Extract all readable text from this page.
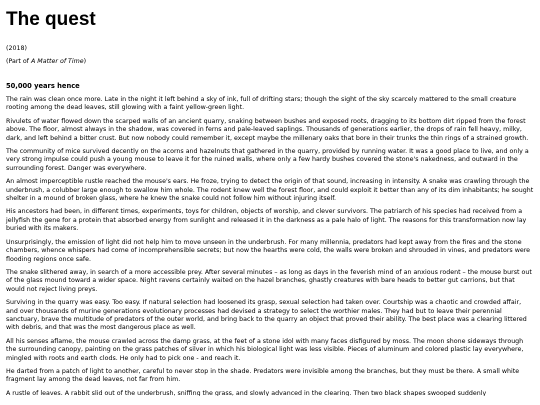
The quest

(2018)

(Part of A Matter of Time)

50,000 years hence

The rain was clean once more. Late in the night it left behind a sky of ink, full of drifting stars; though the sight of the sky scarcely mattered to the small creature rooting among the dead leaves, still glowing with a faint yellow-green light.

Rivulets of water flowed down the scarped walls of an ancient quarry, snaking between bushes and exposed roots, dragging to its bottom dirt ripped from the forest above. The floor, almost always in the shadow, was covered in ferns and pale-leaved saplings. Thousands of generations earlier, the drops of rain fell heavy, milky, dark, and left behind a bitter crust. But now nobody could remember it, except maybe the millenary oaks that bore in their trunks the thin rings of a strained growth.

The community of mice survived decently on the acorns and hazelnuts that gathered in the quarry, provided by running water. It was a good place to live, and only a very strong impulse could push a young mouse to leave it for the ruined walls, where only a few hardy bushes covered the stone's nakedness, and outward in the surrounding forest. Danger was everywhere.

An almost imperceptible rustle reached the mouse's ears. He froze, trying to detect the origin of that sound, increasing in intensity. A snake was crawling through the underbrush, a colubber large enough to swallow him whole. The rodent knew well the forest floor, and could exploit it better than any of its dim inhabitants; he sought shelter in a mound of broken glass, where he knew the snake could not follow him without injuring itself.

His ancestors had been, in different times, experiments, toys for children, objects of worship, and clever survivors. The patriarch of his species had received from a jellyfish the gene for a protein that absorbed energy from sunlight and released it in the darkness as a pale halo of light. The reasons for this transformation now lay buried with its makers.

Unsurprisingly, the emission of light did not help him to move unseen in the underbrush. For many millennia, predators had kept away from the fires and the stone chambers, whence whispers had come of incomprehensible secrets; but now the hearths were cold, the walls were broken and shrouded in vines, and predators were flooding regions once safe.

The snake slithered away, in search of a more accessible prey. After several minutes – as long as days in the feverish mind of an anxious rodent – the mouse burst out of the glass mound toward a wider space. Night ravens certainly waited on the hazel branches, ghastly creatures with bare heads to better gut carrions, but that would not reject living preys.

Surviving in the quarry was easy. Too easy. If natural selection had loosened its grasp, sexual selection had taken over. Courtship was a chaotic and crowded affair, and over thousands of murine generations evolutionary processes had devised a strategy to select the worthier males. They had but to leave their perennial sanctuary, brave the multitude of predators of the outer world, and bring back to the quarry an object that proved their ability. The best place was a clearing littered with debris, and that was the most dangerous place as well.

All his senses aflame, the mouse crawled across the damp grass, at the feet of a stone idol with many faces disfigured by moss. The moon shone sideways through the surrounding canopy, painting on the grass patches of silver in which his biological light was less visible. Pieces of aluminum and colored plastic lay everywhere, mingled with roots and earth clods. He only had to pick one - and reach it.

He darted from a patch of light to another, careful to never stop in the shade. Predators were invisible among the branches, but they must be there. A small white fragment lay among the dead leaves, not far from him.

A rustle of leaves. A rabbit slid out of the underbrush, sniffing the grass, and slowly advanced in the clearing. Then two black shapes swooped suddenly
